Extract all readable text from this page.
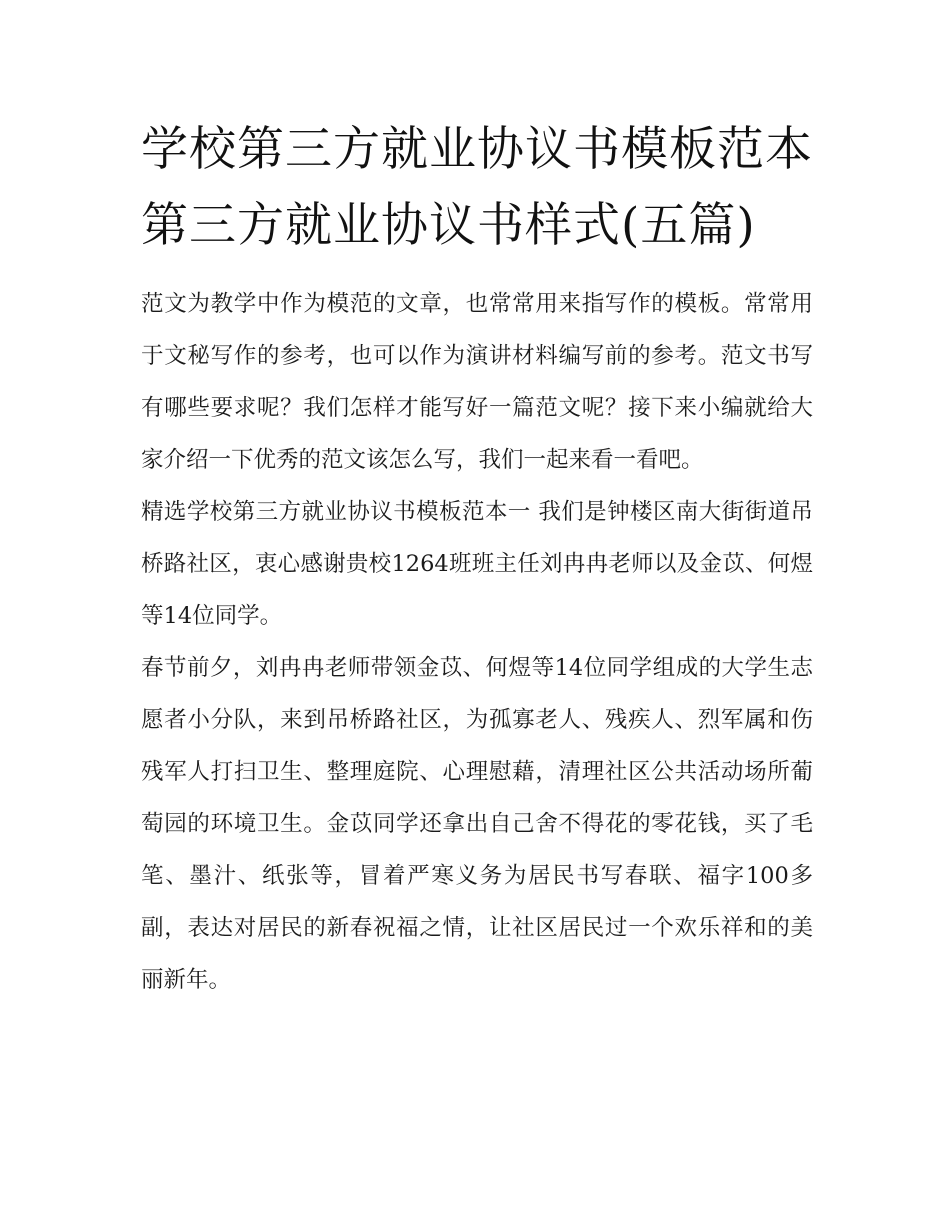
学校第三方就业协议书模板范本 第三方就业协议书样式(五篇)

范文为教学中作为模范的文章，也常常用来指写作的模板。常常用于文秘写作的参考，也可以作为演讲材料编写前的参考。范文书写有哪些要求呢？我们怎样才能写好一篇范文呢？接下来小编就给大家介绍一下优秀的范文该怎么写，我们一起来看一看吧。

精选学校第三方就业协议书模板范本一 我们是钟楼区南大街街道吊桥路社区，衷心感谢贵校1264班班主任刘冉冉老师以及金苡、何煜等14位同学。

春节前夕，刘冉冉老师带领金苡、何煜等14位同学组成的大学生志愿者小分队，来到吊桥路社区，为孤寡老人、残疾人、烈军属和伤残军人打扫卫生、整理庭院、心理慰藉，清理社区公共活动场所葡萄园的环境卫生。金苡同学还拿出自己舍不得花的零花钱，买了毛笔、墨汁、纸张等，冒着严寒义务为居民书写春联、福字100多副，表达对居民的新春祝福之情，让社区居民过一个欢乐祥和的美丽新年。
